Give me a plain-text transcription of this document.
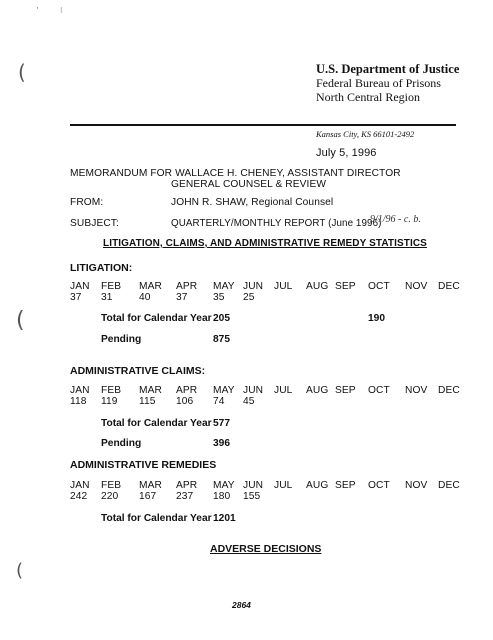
·	⁝
(
(
(
U.S. Department of Justice
Federal Bureau of Prisons
North Central Region
Kansas City, KS 66101-2492
July 5, 1996
MEMORANDUM FOR WALLACE H. CHENEY, ASSISTANT DIRECTOR
GENERAL COUNSEL & REVIEW
FROM:	JOHN R. SHAW, Regional Counsel
SUBJECT:	QUARTERLY/MONTHLY REPORT (June 1996)
9/1/96 - c. b.
LITIGATION, CLAIMS, AND ADMINISTRATIVE REMEDY STATISTICS
LITIGATION:
JAN FEB MAR APR MAY JUN JUL AUG SEP OCT NOV DEC
37 31	40 37 35 25
Total for Calendar Year 205	190
Pending	875
ADMINISTRATIVE CLAIMS:
JAN FEB MAR APR MAY JUN JUL AUG SEP OCT NOV DEC
118 119 115 106 74 45
Total for Calendar Year 577
Pending	396
ADMINISTRATIVE REMEDIES
JAN FEB MAR APR MAY JUN JUL AUG SEP OCT NOV DEC
242 220 167 237 180 155
Total for Calendar Year 1201
ADVERSE DECISIONS
2864
